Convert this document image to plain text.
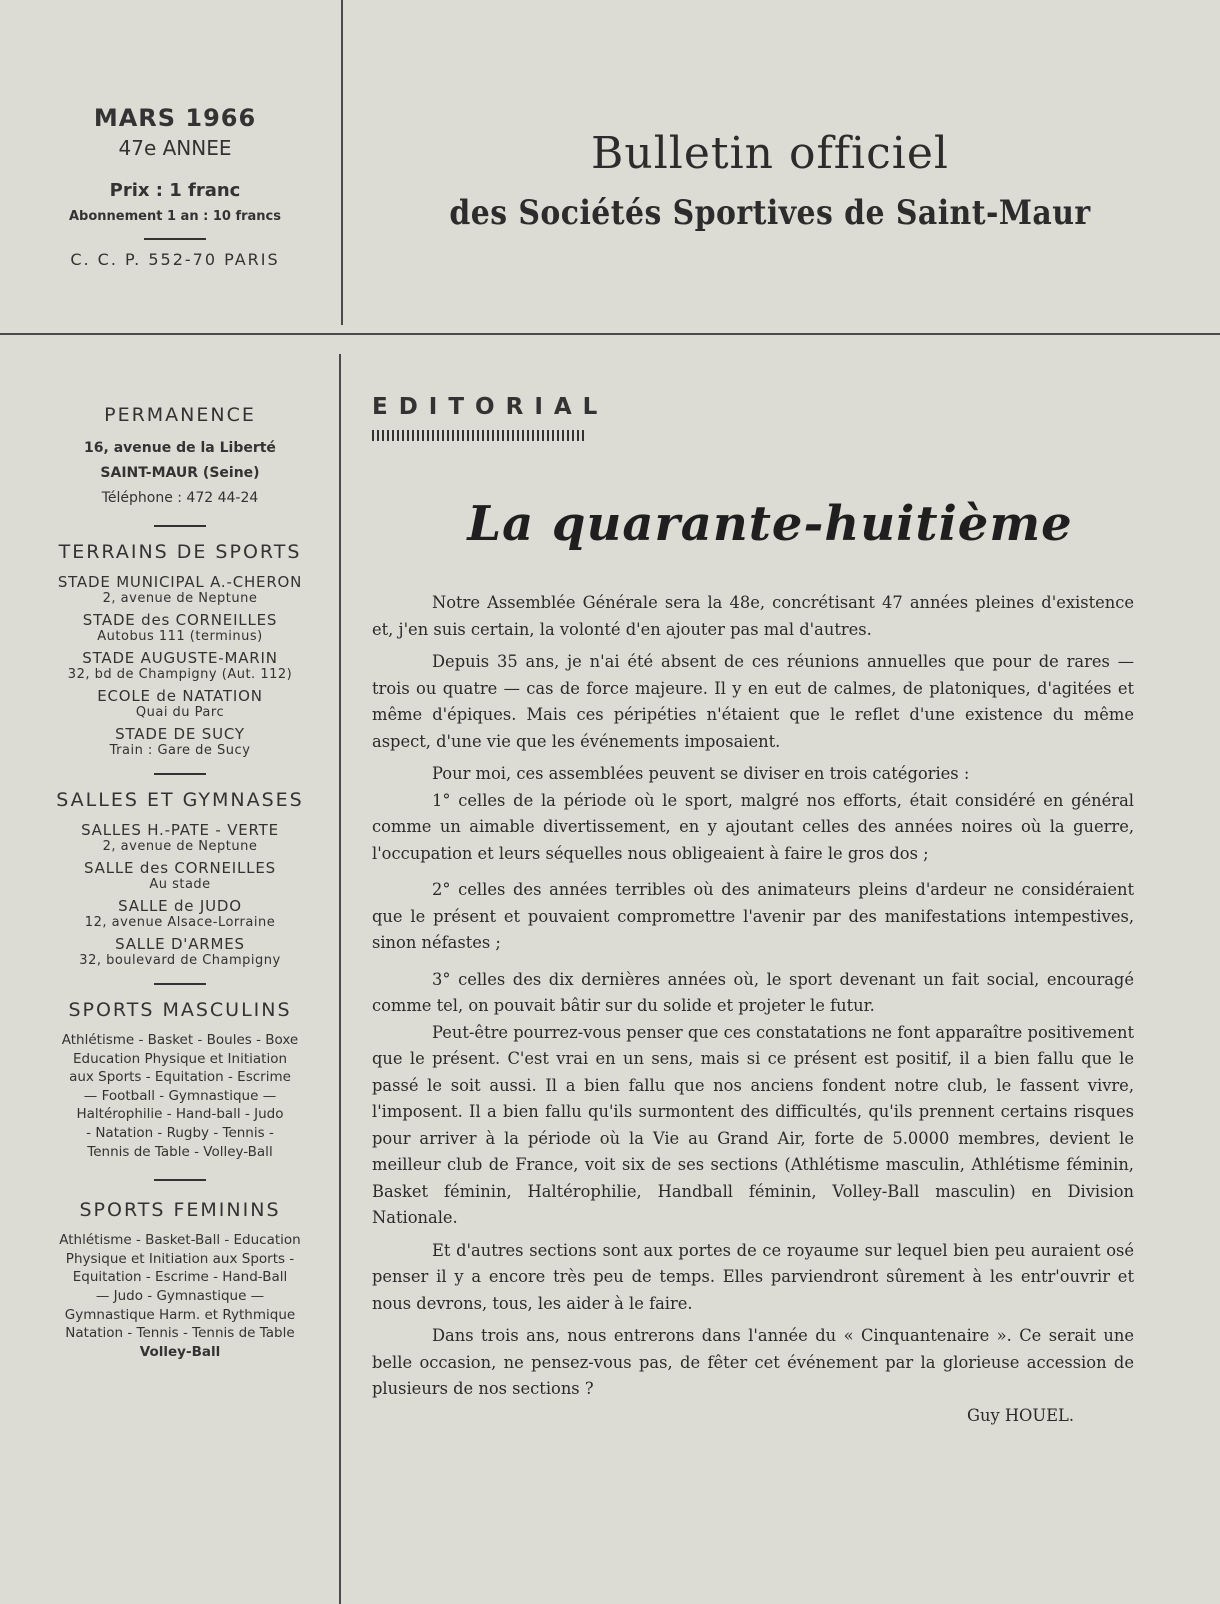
MARS 1966
47e ANNEE
Prix : 1 franc
Abonnement 1 an : 10 francs
C. C. P. 552-70 PARIS
Bulletin officiel
des Sociétés Sportives de Saint-Maur
PERMANENCE
16, avenue de la Liberté
SAINT-MAUR (Seine)
Téléphone : 472 44-24
TERRAINS DE SPORTS
STADE MUNICIPAL A.-CHERON
2, avenue de Neptune
STADE des CORNEILLES
Autobus 111 (terminus)
STADE AUGUSTE-MARIN
32, bd de Champigny (Aut. 112)
ECOLE de NATATION
Quai du Parc
STADE DE SUCY
Train : Gare de Sucy
SALLES ET GYMNASES
SALLES H.-PATE - VERTE
2, avenue de Neptune
SALLE des CORNEILLES
Au stade
SALLE de JUDO
12, avenue Alsace-Lorraine
SALLE D'ARMES
32, boulevard de Champigny
SPORTS MASCULINS
Athlétisme - Basket - Boules - Boxe
Education Physique et Initiation
aux Sports - Equitation - Escrime
— Football - Gymnastique —
Haltérophilie - Hand-ball - Judo
- Natation - Rugby - Tennis -
Tennis de Table - Volley-Ball
SPORTS FEMININS
Athlétisme - Basket-Ball - Education
Physique et Initiation aux Sports -
Equitation - Escrime - Hand-Ball
— Judo - Gymnastique —
Gymnastique Harm. et Rythmique
Natation - Tennis - Tennis de Table
Volley-Ball
EDITORIAL
La quarante-huitième

Notre Assemblée Générale sera la 48e, concrétisant 47 années pleines d'existence et, j'en suis certain, la volonté d'en ajouter pas mal d'autres.

Depuis 35 ans, je n'ai été absent de ces réunions annuelles que pour de rares — trois ou quatre — cas de force majeure. Il y en eut de calmes, de platoniques, d'agitées et même d'épiques. Mais ces péripéties n'étaient que le reflet d'une existence du même aspect, d'une vie que les événements imposaient.

Pour moi, ces assemblées peuvent se diviser en trois catégories :

1° celles de la période où le sport, malgré nos efforts, était considéré en général comme un aimable divertissement, en y ajoutant celles des années noires où la guerre, l'occupation et leurs séquelles nous obligeaient à faire le gros dos ;

2° celles des années terribles où des animateurs pleins d'ardeur ne considéraient que le présent et pouvaient compromettre l'avenir par des manifestations intempestives, sinon néfastes ;

3° celles des dix dernières années où, le sport devenant un fait social, encouragé comme tel, on pouvait bâtir sur du solide et projeter le futur.

Peut-être pourrez-vous penser que ces constatations ne font apparaître positivement que le présent. C'est vrai en un sens, mais si ce présent est positif, il a bien fallu que le passé le soit aussi. Il a bien fallu que nos anciens fondent notre club, le fassent vivre, l'imposent. Il a bien fallu qu'ils surmontent des difficultés, qu'ils prennent certains risques pour arriver à la période où la Vie au Grand Air, forte de 5.0000 membres, devient le meilleur club de France, voit six de ses sections (Athlétisme masculin, Athlétisme féminin, Basket féminin, Haltérophilie, Handball féminin, Volley-Ball masculin) en Division Nationale.

Et d'autres sections sont aux portes de ce royaume sur lequel bien peu auraient osé penser il y a encore très peu de temps. Elles parviendront sûrement à les entr'ouvrir et nous devrons, tous, les aider à le faire.

Dans trois ans, nous entrerons dans l'année du « Cinquantenaire ». Ce serait une belle occasion, ne pensez-vous pas, de fêter cet événement par la glorieuse accession de plusieurs de nos sections ?

Guy HOUEL.
